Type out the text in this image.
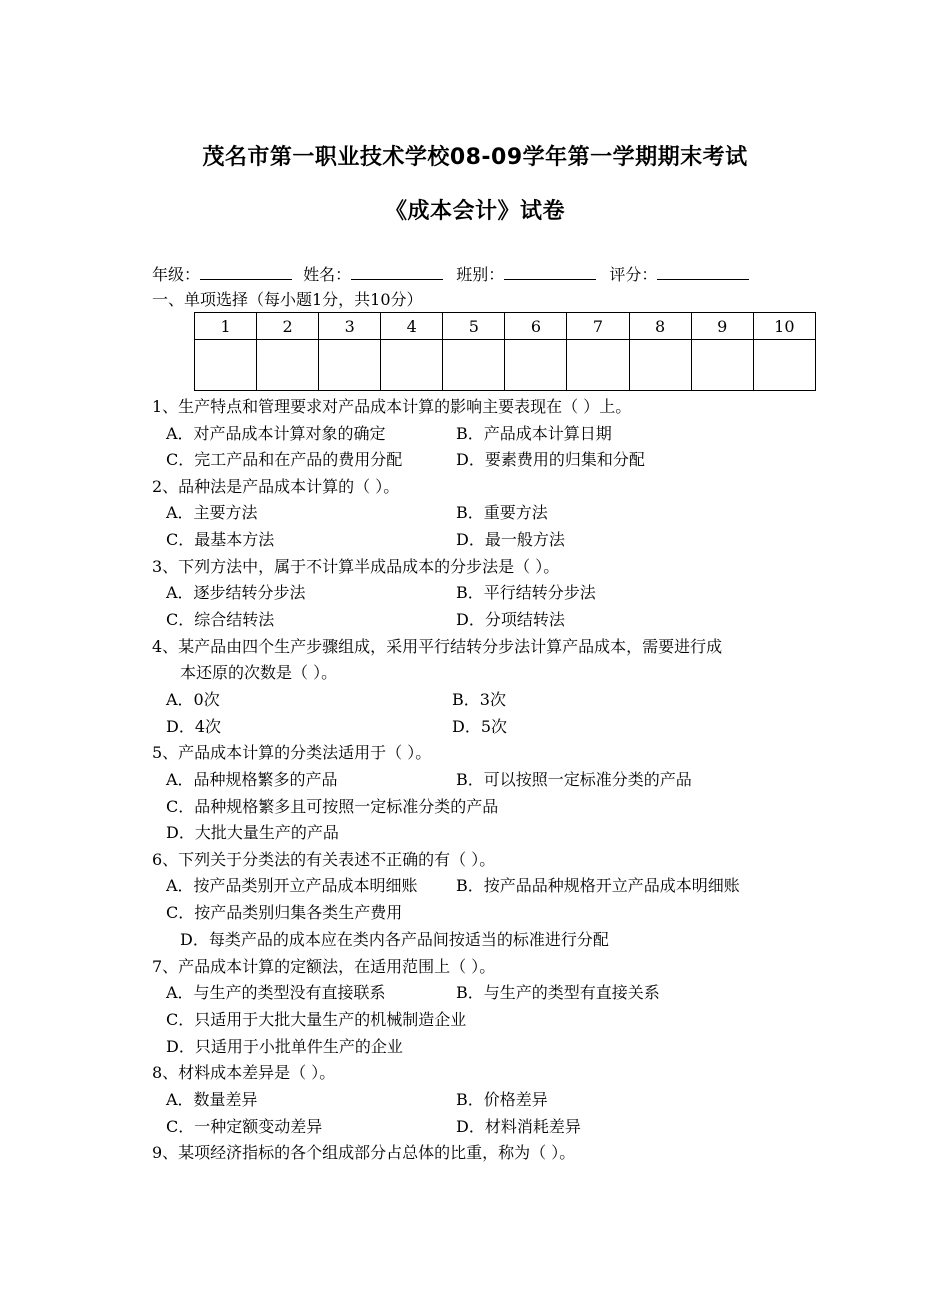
茂名市第一职业技术学校08-09学年第一学期期末考试
《成本会计》试卷
年级：	姓名：	班别：	评分：
一、单项选择（每小题1分，共10分）
1	2	3	4	5	6	7	8	9	10

1、生产特点和管理要求对产品成本计算的影响主要表现在（ ）上。
A．对产品成本计算对象的确定	B．产品成本计算日期
C．完工产品和在产品的费用分配	D．要素费用的归集和分配
2、品种法是产品成本计算的（ ）。
A．主要方法	B．重要方法
C．最基本方法	D．最一般方法
3、下列方法中，属于不计算半成品成本的分步法是（ ）。
A．逐步结转分步法	B．平行结转分步法
C．综合结转法	D．分项结转法
4、某产品由四个生产步骤组成，采用平行结转分步法计算产品成本，需要进行成
本还原的次数是（ ）。
A．0次	B．3次
D．4次	D．5次
5、产品成本计算的分类法适用于（ ）。
A．品种规格繁多的产品	B．可以按照一定标准分类的产品
C．品种规格繁多且可按照一定标准分类的产品
D．大批大量生产的产品
6、下列关于分类法的有关表述不正确的有（ ）。
A．按产品类别开立产品成本明细账 B．按产品品种规格开立产品成本明细账
C．按产品类别归集各类生产费用
D．每类产品的成本应在类内各产品间按适当的标准进行分配
7、产品成本计算的定额法，在适用范围上（ ）。
A．与生产的类型没有直接联系	B．与生产的类型有直接关系
C．只适用于大批大量生产的机械制造企业
D．只适用于小批单件生产的企业
8、材料成本差异是（ ）。
A．数量差异	B．价格差异
C．一种定额变动差异	D．材料消耗差异
9、某项经济指标的各个组成部分占总体的比重，称为（ ）。
